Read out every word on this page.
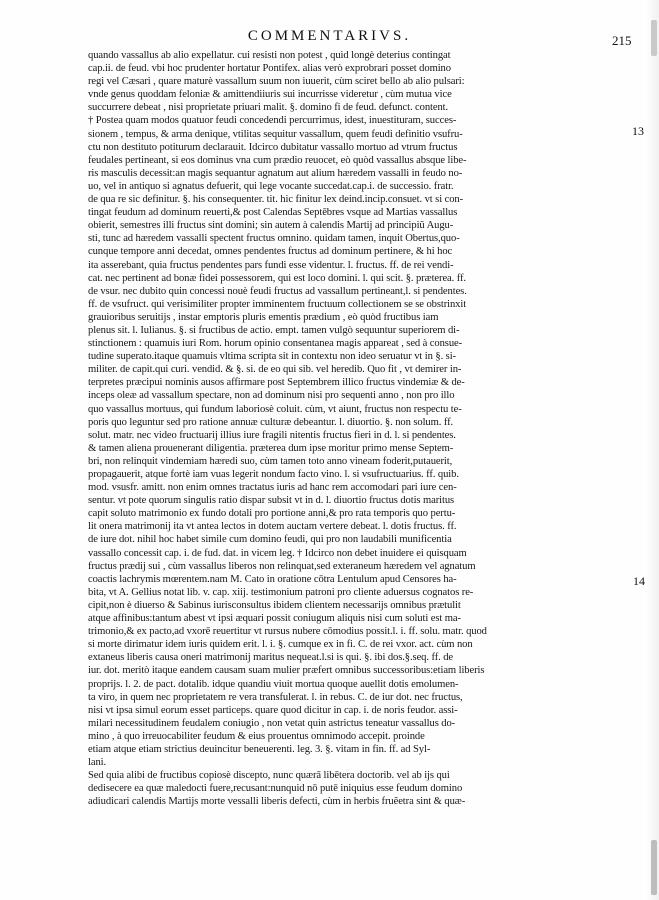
COMMENTARIVS.	215
quando vassallus ab alio expellatur. cui resisti non potest , quid longè deterius contingat
cap.ii. de feud. vbi hoc prudenter hortatur Pontifex. alias verò exprobrari posset domino
regi vel Cæsari , quare maturè vassallum suum non iuuerit, cùm sciret bello ab alio pulsari:
vnde genus quoddam feloniæ & amittendiiuris sui incurrisse videretur , cùm mutua vice
succurrere debeat , nisi proprietate priuari malit. §. domino fi de feud. defunct. content.
† Postea quam modos quatuor feudi concedendi percurrimus, idest, inuestituram, succes-
sionem , tempus, & arma denique, vtilitas sequitur vassallum, quem feudi definitio vsufru-
ctu non destituto potiturum declarauit. Idcirco dubitatur vassallo mortuo ad vtrum fructus
feudales pertineant, si eos dominus vna cum prædio reuocet, eò quòd vassallus absque libe-
ris masculis decessit:an magis sequantur agnatum aut alium hæredem vassalli in feudo no-
uo, vel in antiquo si agnatus defuerit, qui lege vocante succedat.cap.i. de successio. fratr.
de qua re sic definitur. §. his consequenter. tit. hic finitur lex deind.incip.consuet. vt si con-
tingat feudum ad dominum reuerti,& post Calendas Septēbres vsque ad Martias vassallus
obierit, semestres illi fructus sint domini; sin autem à calendis Martij ad principiũ Augu-
sti, tunc ad hæredem vassalli spectent fructus omnino. quidam tamen, inquit Obertus,quo-
cunque tempore anni decedat, omnes pendentes fructus ad dominum pertinere, & hi hoc
ita asserebant, quia fructus pendentes pars fundi esse videntur. l. fructus. ff. de rei vendi-
cat. nec pertinent ad bonæ fidei possessorem, qui est loco domini. l. qui scit. §. præterea. ff.
de vsur. nec dubito quin concessi nouè feudi fructus ad vassallum pertineant,l. si pendentes.
ff. de vsufruct. qui verisimiliter propter imminentem fructuum collectionem se se obstrinxit
grauioribus seruitijs , instar emptoris pluris ementis prædium , eò quòd fructibus iam
plenus sit. l. Iulianus. §. si fructibus de actio. empt. tamen vulgò sequuntur superiorem di-
stinctionem : quamuis iuri Rom. horum opinio consentanea magis appareat , sed à consue-
tudine superato.itaque quamuis vltima scripta sit in contextu non ideo seruatur vt in §. si-
militer. de capit.qui curi. vendid. & §. si. de eo qui sib. vel heredib. Quo fit , vt demirer in-
terpretes præcipui nominis ausos affirmare post Septembrem illico fructus vindemiæ & de-
inceps oleæ ad vassallum spectare, non ad dominum nisi pro sequenti anno , non pro illo
quo vassallus mortuus, qui fundum laboriosè coluit. cùm, vt aiunt, fructus non respectu te-
poris quo leguntur sed pro ratione annuæ culturæ debeantur. l. diuortio. §. non solum. ff.
solut. matr. nec video fructuarij illius iure fragili nitentis fructus fieri in d. l. si pendentes.
& tamen aliena prouenerant diligentia. præterea dum ipse moritur primo mense Septem-
bri, non relinquit vindemiam hæredi suo, cùm tamen toto anno vineam foderit,putauerit,
propagauerit, atque fortè iam vuas legerit nondum facto vino. l. si vsufructuarius. ff. quib.
mod. vsusfr. amitt. non enim omnes tractatus iuris ad hanc rem accomodari pari iure cen-
sentur. vt pote quorum singulis ratio dispar subsit vt in d. l. diuortio fructus dotis maritus
capit soluto matrimonio ex fundo dotali pro portione anni,& pro rata temporis quo pertu-
lit onera matrimonij ita vt antea lectos in dotem auctam vertere debeat. l. dotis fructus. ff.
de iure dot. nihil hoc habet simile cum domino feudi, qui pro non laudabili munificentia
vassallo concessit cap. i. de fud. dat. in vicem leg. † Idcirco non debet inuidere ei quisquam
fructus prædij sui , cùm vassallus liberos non relinquat,sed exteraneum hæredem vel agnatum
coactis lachrymis mœrentem.nam M. Cato in oratione cōtra Lentulum apud Censores ha-
bita, vt A. Gellius notat lib. v. cap. xiij. testimonium patroni pro cliente aduersus cognatos re-
cipit,non è diuerso & Sabinus iurisconsultus ibidem clientem necessarijs omnibus prætulit
atque affinibus:tantum abest vt ipsi æquari possit coniugum aliquis nisi cum soluti est ma-
trimonio,& ex pacto,ad vxorē reuertitur vt rursus nubere cōmodius possit.l. i. ff. solu. matr. quod
si morte dirimatur idem iuris quidem erit. l. i. §. cumque ex in fi. C. de rei vxor. act. cùm non
extaneus liberis causa oneri matrimonij maritus nequeat.l.si is qui. §. ibi dos.§.seq. ff. de
iur. dot. meritò itaque eandem causam suam mulier præfert omnibus successoribus:etiam liberis
proprijs. l. 2. de pact. dotalib. idque quandiu viuit mortua quoque auellit dotis emolumen-
ta viro, in quem nec proprietatem re vera transfulerat. l. in rebus. C. de iur dot. nec fructus,
nisi vt ipsa simul eorum esset particeps. quare quod dicitur in cap. i. de noris feudor. assi-
milari necessitudinem feudalem coniugio , non vetat quin astrictus teneatur vassallus do-
mino , à quo irreuocabiliter feudum & eius prouentus omnimodo accepit. proinde
etiam atque etiam strictius deuincitur beneuerenti. leg. 3. §. vitam in fin. ff. ad Syl-
lani.
Sed quia alibi de fructibus copiosè discepto, nunc quærā libētera doctorib. vel ab ijs qui
dedisecere ea quæ maledocti fuere,recusant:nunquid nō putē iniquius esse feudum domino
adiudicari calendis Martijs morte vessalli liberis defecti, cùm in herbis fruẽetra sint & quæ-
13
14
